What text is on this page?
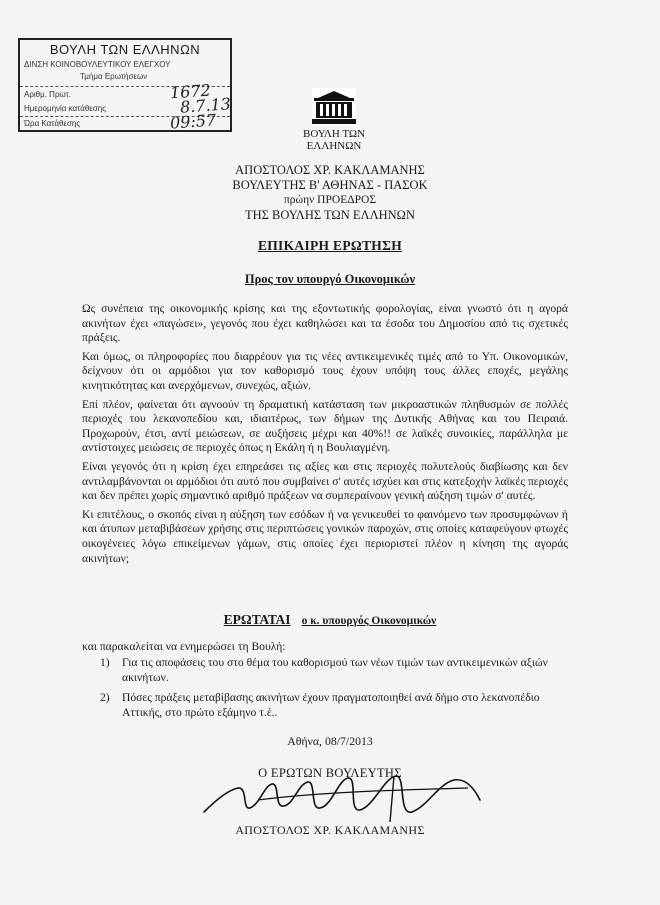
ΒΟΥΛΗ ΤΩΝ ΕΛΛΗΝΩΝ
ΔΙΝΣΗ ΚΟΙΝΟΒΟΥΛΕΥΤΙΚΟΥ ΕΛΕΓΧΟΥ
Τμήμα Ερωτήσεων
Αριθμ. Πρωτ.	1672
Ημερομηνία κατάθεσης	8.7.13
Ώρα Κατάθεσης	09:57
ΒΟΥΛΗ ΤΩΝ ΕΛΛΗΝΩΝ
ΑΠΟΣΤΟΛΟΣ ΧΡ. ΚΑΚΛΑΜΑΝΗΣ
ΒΟΥΛΕΥΤΗΣ Β' ΑΘΗΝΑΣ - ΠΑΣΟΚ
πρώην ΠΡΟΕΔΡΟΣ
ΤΗΣ ΒΟΥΛΗΣ ΤΩΝ ΕΛΛΗΝΩΝ
ΕΠΙΚΑΙΡΗ ΕΡΩΤΗΣΗ
Προς τον υπουργό Οικονομικών

Ως συνέπεια της οικονομικής κρίσης και της εξοντωτικής φορολογίας, είναι γνωστό ότι η αγορά ακινήτων έχει «παγώσει», γεγονός που έχει καθηλώσει και τα έσοδα του Δημοσίου από τις σχετικές πράξεις.

Και όμως, οι πληροφορίες που διαρρέουν για τις νέες αντικειμενικές τιμές από το Υπ. Οικονομικών, δείχνουν ότι οι αρμόδιοι για τον καθορισμό τους έχουν υπόψη τους άλλες εποχές, μεγάλης κινητικότητας και ανερχόμενων, συνεχώς, αξιών.

Επί πλέον, φαίνεται ότι αγνοούν τη δραματική κατάσταση των μικροαστικών πληθυσμών σε πολλές περιοχές του λεκανοπεδίου και, ιδιαιτέρως, των δήμων της Δυτικής Αθήνας και του Πειραιά. Προχωρούν, έτσι, αντί μειώσεων, σε αυξήσεις μέχρι και 40%!! σε λαϊκές συνοικίες, παράλληλα με αντίστοιχες μειώσεις σε περιοχές όπως η Εκάλη ή η Βουλιαγμένη.

Είναι γεγονός ότι η κρίση έχει επηρεάσει τις αξίες και στις περιοχές πολυτελούς διαβίωσης και δεν αντιλαμβάνονται οι αρμόδιοι ότι αυτό που συμβαίνει σ' αυτές ισχύει και στις κατεξοχήν λαϊκές περιοχές και δεν πρέπει χωρίς σημαντικό αριθμό πράξεων να συμπεραίνουν γενική αύξηση τιμών σ' αυτές.

Κι επιτέλους, ο σκοπός είναι η αύξηση των εσόδων ή να γενικευθεί το φαινόμενο των προσυμφώνων ή και άτυπων μεταβιβάσεων χρήσης στις περιπτώσεις γονικών παροχών, στις οποίες καταφεύγουν φτωχές οικογένειες λόγω επικείμενων γάμων, στις οποίες έχει περιοριστεί πλέον η κίνηση της αγοράς ακινήτων;

ΕΡΩΤΑΤΑΙ ο κ. υπουργός Οικονομικών
και παρακαλείται να ενημερώσει τη Βουλή:
1)	Για τις αποφάσεις του στο θέμα του καθορισμού των νέων τιμών των αντικειμενικών αξιών ακινήτων.
2)	Πόσες πράξεις μεταβίβασης ακινήτων έχουν πραγματοποιηθεί ανά δήμο στο λεκανοπέδιο Αττικής, στο πρώτο εξάμηνο τ.έ..
Αθήνα, 08/7/2013
Ο ΕΡΩΤΩΝ ΒΟΥΛΕΥΤΗΣ
ΑΠΟΣΤΟΛΟΣ ΧΡ. ΚΑΚΛΑΜΑΝΗΣ
